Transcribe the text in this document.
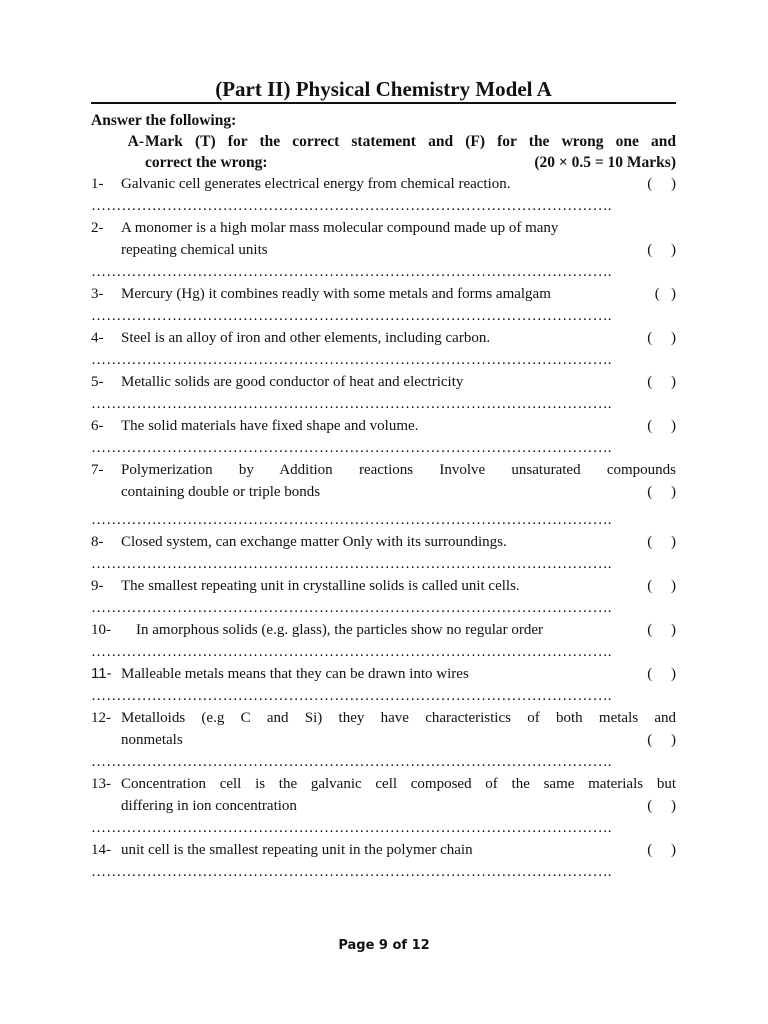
(Part II) Physical Chemistry Model A
Answer the following:
A- Mark (T) for the correct statement and (F) for the wrong one and
correct the wrong:	(20 × 0.5 = 10 Marks)
1-	Galvanic cell generates electrical energy from chemical reaction.	(     )
………………………………………………………………………………………….
2-	A monomer is a high molar mass molecular compound made up of many
repeating chemical units	(     )
………………………………………………………………………………………….
3-	Mercury (Hg) it combines readly with some metals and forms amalgam	(   )
………………………………………………………………………………………….
4-	Steel is an alloy of iron and other elements, including carbon.	(     )
………………………………………………………………………………………….
5-	Metallic solids are good conductor of heat and electricity	(     )
………………………………………………………………………………………….
6-	The solid materials have fixed shape and volume.	(     )
………………………………………………………………………………………….
7-	Polymerization by Addition reactions Involve unsaturated compounds
containing double or triple bonds	(     )
………………………………………………………………………………………….
8-	Closed system, can exchange matter Only with its surroundings.	(     )
………………………………………………………………………………………….
9-	The smallest repeating unit in crystalline solids is called unit cells.	(     )
………………………………………………………………………………………….
10-	In amorphous solids (e.g. glass), the particles show no regular order	(     )
………………………………………………………………………………………….
11- Malleable metals means that they can be drawn into wires	(     )
………………………………………………………………………………………….
12- Metalloids (e.g C and Si) they have characteristics of both metals and
nonmetals	(     )
………………………………………………………………………………………….
13- Concentration cell is the galvanic cell composed of the same materials but
differing in ion concentration	(     )
………………………………………………………………………………………….
14- unit cell is the smallest repeating unit in the polymer chain	(     )
………………………………………………………………………………………….
Page 9 of 12
